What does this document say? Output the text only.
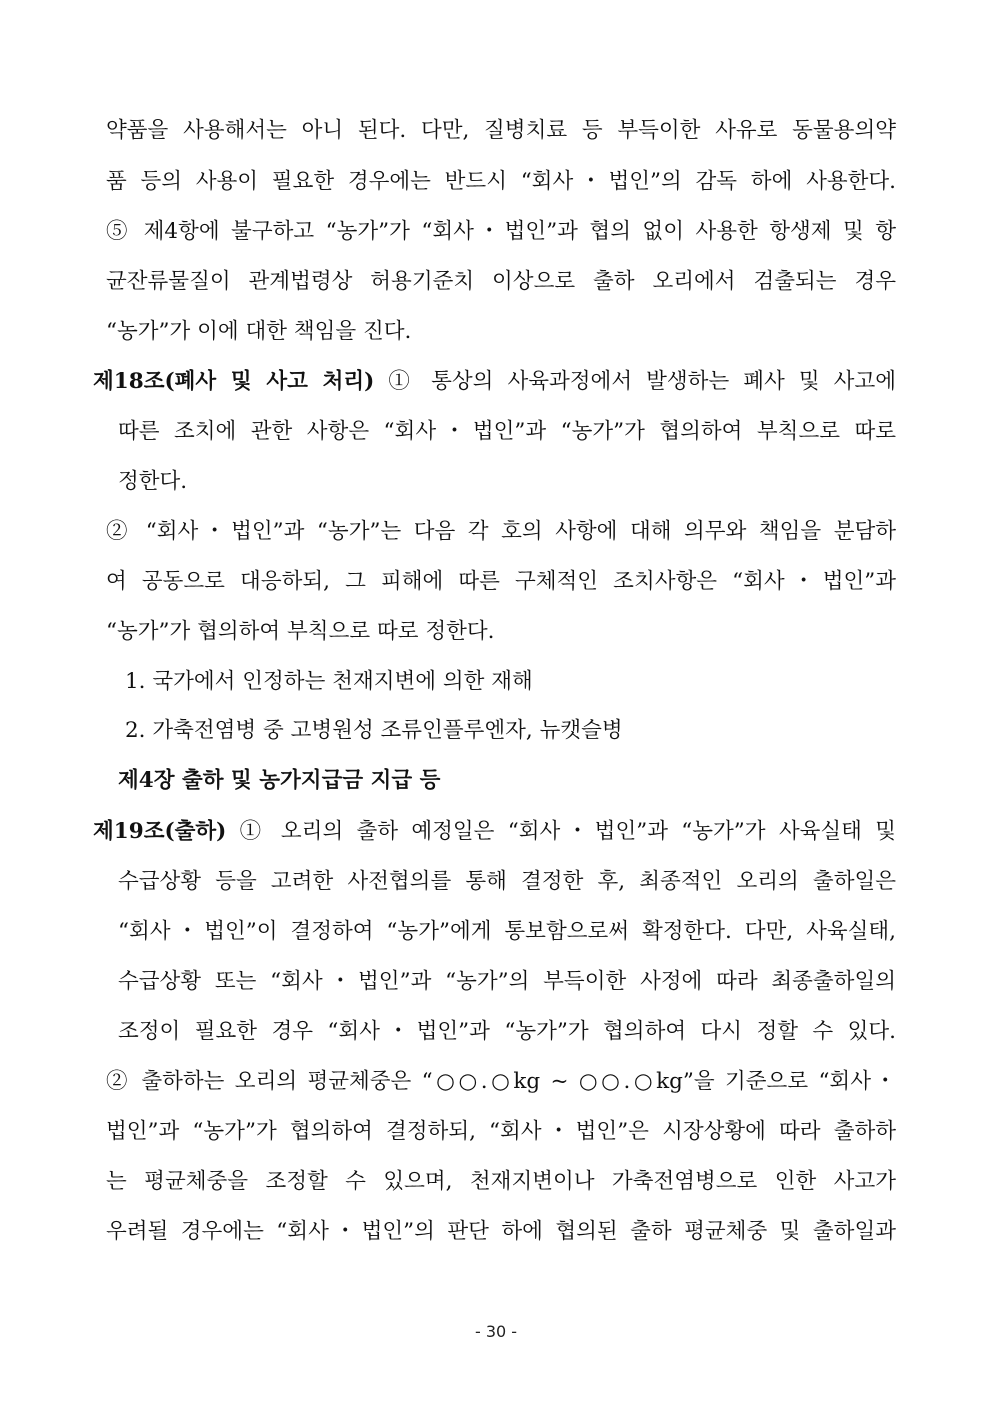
약품을 사용해서는 아니 된다. 다만, 질병치료 등 부득이한 사유로 동물용의약
품 등의 사용이 필요한 경우에는 반드시 “회사・법인”의 감독 하에 사용한다.
⑤ 제4항에 불구하고 “농가”가 “회사・법인”과 협의 없이 사용한 항생제 및 항
균잔류물질이 관계법령상 허용기준치 이상으로 출하 오리에서 검출되는 경우
“농가”가 이에 대한 책임을 진다.
제18조(폐사 및 사고 처리) ① 통상의 사육과정에서 발생하는 폐사 및 사고에
따른 조치에 관한 사항은 “회사・법인”과 “농가”가 협의하여 부칙으로 따로
정한다.
② “회사・법인”과 “농가”는 다음 각 호의 사항에 대해 의무와 책임을 분담하
여 공동으로 대응하되, 그 피해에 따른 구체적인 조치사항은 “회사・법인”과
“농가”가 협의하여 부칙으로 따로 정한다.
1. 국가에서 인정하는 천재지변에 의한 재해
2. 가축전염병 중 고병원성 조류인플루엔자, 뉴캣슬병
제4장 출하 및 농가지급금 지급 등
제19조(출하) ① 오리의 출하 예정일은 “회사・법인”과 “농가”가 사육실태 및
수급상황 등을 고려한 사전협의를 통해 결정한 후, 최종적인 오리의 출하일은
“회사・법인”이 결정하여 “농가”에게 통보함으로써 확정한다. 다만, 사육실태,
수급상황 또는 “회사・법인”과 “농가”의 부득이한 사정에 따라 최종출하일의
조정이 필요한 경우 “회사・법인”과 “농가”가 협의하여 다시 정할 수 있다.
② 출하하는 오리의 평균체중은 “○○.○kg ~ ○○.○kg”을 기준으로 “회사・
법인”과 “농가”가 협의하여 결정하되, “회사・법인”은 시장상황에 따라 출하하
는 평균체중을 조정할 수 있으며, 천재지변이나 가축전염병으로 인한 사고가
우려될 경우에는 “회사・법인”의 판단 하에 협의된 출하 평균체중 및 출하일과
- 30 -
